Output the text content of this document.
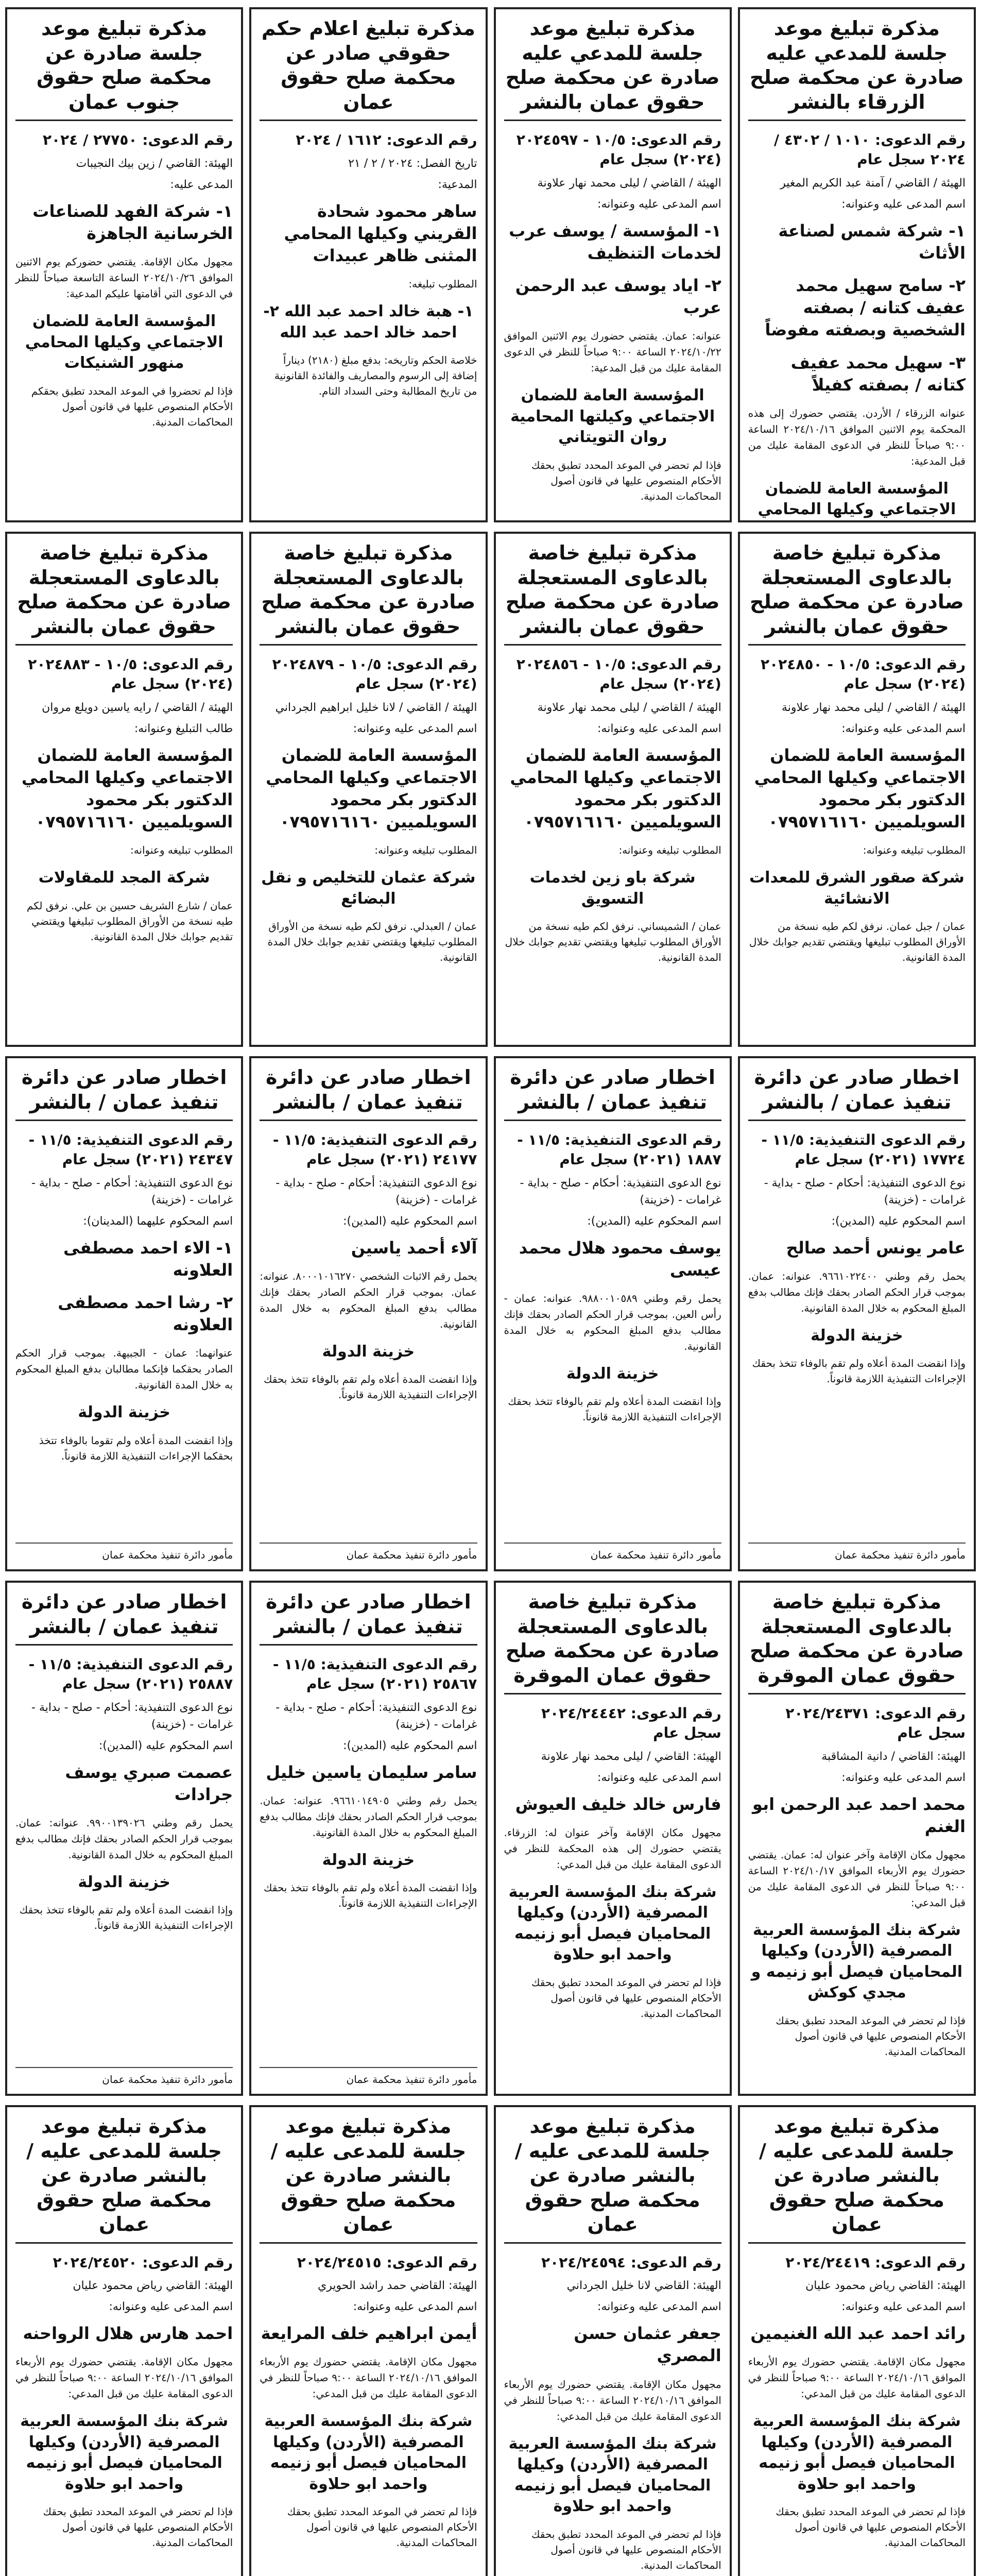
مذكرة تبليغ موعد جلسة للمدعي عليه صادرة عن محكمة صلح الزرقاء بالنشر
رقم الدعوى: ١٠١٠ / ٤٣٠٢ / ٢٠٢٤ سجل عام
الهيئة / القاضي / آمنة عبد الكريم المغير
اسم المدعى عليه وعنوانه:
١- شركة شمس لصناعة الأثاث
٢- سامح سهيل محمد عفيف كتانه / بصفته الشخصية وبصفته مفوضاً
٣- سهيل محمد عفيف كتانه / بصفته كفيلاً
عنوانه الزرقاء / الأردن. يقتضي حضورك إلى هذه المحكمة يوم الاثنين الموافق ٢٠٢٤/١٠/١٦ الساعة ٩:٠٠ صباحاً للنظر في الدعوى المقامة عليك من قبل المدعية:
المؤسسة العامة للضمان الاجتماعي وكيلها المحامي
مذكرة تبليغ موعد جلسة للمدعي عليه صادرة عن محكمة صلح حقوق عمان بالنشر
رقم الدعوى: ١٠/٥ - ٢٠٢٤٥٩٧ (٢٠٢٤) سجل عام
الهيئة / القاضي / ليلى محمد نهار علاونة
اسم المدعى عليه وعنوانه:
١- المؤسسة / يوسف عرب لخدمات التنظيف
٢- اياد يوسف عبد الرحمن عرب
عنوانه: عمان. يقتضي حضورك يوم الاثنين الموافق ٢٠٢٤/١٠/٢٢ الساعة ٩:٠٠ صباحاً للنظر في الدعوى المقامة عليك من قبل المدعية:
المؤسسة العامة للضمان الاجتماعي وكيلتها المحامية روان التويتاني
فإذا لم تحضر في الموعد المحدد تطبق بحقك الأحكام المنصوص عليها في قانون أصول المحاكمات المدنية.
مذكرة تبليغ اعلام حكم حقوقي صادر عن محكمة صلح حقوق عمان
رقم الدعوى: ١٦١٢ / ٢٠٢٤
تاريخ الفصل: ٢٠٢٤ / ٢ / ٢١
المدعية:
ساهر محمود شحادة القريني وكيلها المحامي المثنى ظاهر عبيدات
المطلوب تبليغه:
١- هبة خالد احمد عبد الله ٢- احمد خالد احمد عبد الله
خلاصة الحكم وتاريخه: بدفع مبلغ (٢١٨٠) ديناراً إضافة إلى الرسوم والمصاريف والفائدة القانونية من تاريخ المطالبة وحتى السداد التام.
مذكرة تبليغ موعد جلسة صادرة عن محكمة صلح حقوق جنوب عمان
رقم الدعوى: ٢٧٧٥٠ / ٢٠٢٤
الهيئة: القاضي / زين بيك النجيبات
المدعى عليه:
١- شركة الفهد للصناعات الخرسانية الجاهزة
مجهول مكان الإقامة. يقتضي حضوركم يوم الاثنين الموافق ٢٠٢٤/١٠/٢٦ الساعة التاسعة صباحاً للنظر في الدعوى التي أقامتها عليكم المدعية:
المؤسسة العامة للضمان الاجتماعي وكيلها المحامي منهور الشنيكات
فإذا لم تحضروا في الموعد المحدد تطبق بحقكم الأحكام المنصوص عليها في قانون أصول المحاكمات المدنية.
مذكرة تبليغ خاصة بالدعاوى المستعجلة صادرة عن محكمة صلح حقوق عمان بالنشر
رقم الدعوى: ١٠/٥ - ٢٠٢٤٨٥٠ (٢٠٢٤) سجل عام
الهيئة / القاضي / ليلى محمد نهار علاونة
اسم المدعى عليه وعنوانه:
المؤسسة العامة للضمان الاجتماعي وكيلها المحامي الدكتور بكر محمود السويلميين ٠٧٩٥٧١٦١٦٠
المطلوب تبليغه وعنوانه:
شركة صقور الشرق للمعدات الانشائية
عمان / جبل عمان. نرفق لكم طيه نسخة من الأوراق المطلوب تبليغها ويقتضي تقديم جوابك خلال المدة القانونية.
مذكرة تبليغ خاصة بالدعاوى المستعجلة صادرة عن محكمة صلح حقوق عمان بالنشر
رقم الدعوى: ١٠/٥ - ٢٠٢٤٨٥٦ (٢٠٢٤) سجل عام
الهيئة / القاضي / ليلى محمد نهار علاونة
اسم المدعى عليه وعنوانه:
المؤسسة العامة للضمان الاجتماعي وكيلها المحامي الدكتور بكر محمود السويلميين ٠٧٩٥٧١٦١٦٠
المطلوب تبليغه وعنوانه:
شركة باو زين لخدمات التسويق
عمان / الشميساني. نرفق لكم طيه نسخة من الأوراق المطلوب تبليغها ويقتضي تقديم جوابك خلال المدة القانونية.
مذكرة تبليغ خاصة بالدعاوى المستعجلة صادرة عن محكمة صلح حقوق عمان بالنشر
رقم الدعوى: ١٠/٥ - ٢٠٢٤٨٧٩ (٢٠٢٤) سجل عام
الهيئة / القاضي / لانا خليل ابراهيم الجرداني
اسم المدعى عليه وعنوانه:
المؤسسة العامة للضمان الاجتماعي وكيلها المحامي الدكتور بكر محمود السويلميين ٠٧٩٥٧١٦١٦٠
المطلوب تبليغه وعنوانه:
شركة عثمان للتخليص و نقل البضائع
عمان / العبدلي. نرفق لكم طيه نسخة من الأوراق المطلوب تبليغها ويقتضي تقديم جوابك خلال المدة القانونية.
مذكرة تبليغ خاصة بالدعاوى المستعجلة صادرة عن محكمة صلح حقوق عمان بالنشر
رقم الدعوى: ١٠/٥ - ٢٠٢٤٨٨٣ (٢٠٢٤) سجل عام
الهيئة / القاضي / رايه ياسين دويلع مروان
طالب التبليغ وعنوانه:
المؤسسة العامة للضمان الاجتماعي وكيلها المحامي الدكتور بكر محمود السويلميين ٠٧٩٥٧١٦١٦٠
المطلوب تبليغه وعنوانه:
شركة المجد للمقاولات
عمان / شارع الشريف حسين بن علي. نرفق لكم طيه نسخة من الأوراق المطلوب تبليغها ويقتضي تقديم جوابك خلال المدة القانونية.
اخطار صادر عن دائرة تنفيذ عمان / بالنشر
رقم الدعوى التنفيذية: ١١/٥ - ١٧٧٢٤ (٢٠٢١) سجل عام
نوع الدعوى التنفيذية: أحكام - صلح - بداية - غرامات - (خزينة)
اسم المحكوم عليه (المدين):
عامر يونس أحمد صالح
يحمل رقم وطني ٩٦٦١٠٢٢٤٠٠. عنوانه: عمان. بموجب قرار الحكم الصادر بحقك فإنك مطالب بدفع المبلغ المحكوم به خلال المدة القانونية.
خزينة الدولة
وإذا انقضت المدة أعلاه ولم تقم بالوفاء تتخذ بحقك الإجراءات التنفيذية اللازمة قانوناً.
مأمور دائرة تنفيذ محكمة عمان
اخطار صادر عن دائرة تنفيذ عمان / بالنشر
رقم الدعوى التنفيذية: ١١/٥ - ١٨٨٧ (٢٠٢١) سجل عام
نوع الدعوى التنفيذية: أحكام - صلح - بداية - غرامات - (خزينة)
اسم المحكوم عليه (المدين):
يوسف محمود هلال محمد عيسى
يحمل رقم وطني ٩٨٨٠٠١٠٥٨٩. عنوانه: عمان - رأس العين. بموجب قرار الحكم الصادر بحقك فإنك مطالب بدفع المبلغ المحكوم به خلال المدة القانونية.
خزينة الدولة
وإذا انقضت المدة أعلاه ولم تقم بالوفاء تتخذ بحقك الإجراءات التنفيذية اللازمة قانوناً.
مأمور دائرة تنفيذ محكمة عمان
اخطار صادر عن دائرة تنفيذ عمان / بالنشر
رقم الدعوى التنفيذية: ١١/٥ - ٢٤١٧٧ (٢٠٢١) سجل عام
نوع الدعوى التنفيذية: أحكام - صلح - بداية - غرامات - (خزينة)
اسم المحكوم عليه (المدين):
آلاء أحمد ياسين
يحمل رقم الاثبات الشخصي ٨٠٠٠١٠١٦٢٧٠. عنوانه: عمان. بموجب قرار الحكم الصادر بحقك فإنك مطالب بدفع المبلغ المحكوم به خلال المدة القانونية.
خزينة الدولة
وإذا انقضت المدة أعلاه ولم تقم بالوفاء تتخذ بحقك الإجراءات التنفيذية اللازمة قانوناً.
مأمور دائرة تنفيذ محكمة عمان
اخطار صادر عن دائرة تنفيذ عمان / بالنشر
رقم الدعوى التنفيذية: ١١/٥ - ٢٤٣٤٧ (٢٠٢١) سجل عام
نوع الدعوى التنفيذية: أحكام - صلح - بداية - غرامات - (خزينة)
اسم المحكوم عليهما (المدينان):
١- الاء احمد مصطفى العلاونه
٢- رشا احمد مصطفى العلاونه
عنوانهما: عمان - الجبيهة. بموجب قرار الحكم الصادر بحقكما فإنكما مطالبان بدفع المبلغ المحكوم به خلال المدة القانونية.
خزينة الدولة
وإذا انقضت المدة أعلاه ولم تقوما بالوفاء تتخذ بحقكما الإجراءات التنفيذية اللازمة قانوناً.
مأمور دائرة تنفيذ محكمة عمان
مذكرة تبليغ خاصة بالدعاوى المستعجلة صادرة عن محكمة صلح حقوق عمان الموقرة
رقم الدعوى: ٢٠٢٤/٢٤٣٧١ سجل عام
الهيئة: القاضي / دانية المشاقبة
اسم المدعى عليه وعنوانه:
محمد احمد عبد الرحمن ابو الغنم
مجهول مكان الإقامة وآخر عنوان له: عمان. يقتضي حضورك يوم الأربعاء الموافق ٢٠٢٤/١٠/١٧ الساعة ٩:٠٠ صباحاً للنظر في الدعوى المقامة عليك من قبل المدعي:
شركة بنك المؤسسة العربية المصرفية (الأردن) وكيلها المحاميان فيصل أبو زنيمه و مجدي كوكش
فإذا لم تحضر في الموعد المحدد تطبق بحقك الأحكام المنصوص عليها في قانون أصول المحاكمات المدنية.
مذكرة تبليغ خاصة بالدعاوى المستعجلة صادرة عن محكمة صلح حقوق عمان الموقرة
رقم الدعوى: ٢٠٢٤/٢٤٤٤٢ سجل عام
الهيئة: القاضي / ليلى محمد نهار علاونة
اسم المدعى عليه وعنوانه:
فارس خالد خليف العيوش
مجهول مكان الإقامة وآخر عنوان له: الزرقاء. يقتضي حضورك إلى هذه المحكمة للنظر في الدعوى المقامة عليك من قبل المدعي:
شركة بنك المؤسسة العربية المصرفية (الأردن) وكيلها المحاميان فيصل أبو زنيمه واحمد ابو حلاوة
فإذا لم تحضر في الموعد المحدد تطبق بحقك الأحكام المنصوص عليها في قانون أصول المحاكمات المدنية.
اخطار صادر عن دائرة تنفيذ عمان / بالنشر
رقم الدعوى التنفيذية: ١١/٥ - ٢٥٨٦٧ (٢٠٢١) سجل عام
نوع الدعوى التنفيذية: أحكام - صلح - بداية - غرامات - (خزينة)
اسم المحكوم عليه (المدين):
سامر سليمان ياسين خليل
يحمل رقم وطني ٩٦٦١٠١٤٩٠٥. عنوانه: عمان. بموجب قرار الحكم الصادر بحقك فإنك مطالب بدفع المبلغ المحكوم به خلال المدة القانونية.
خزينة الدولة
وإذا انقضت المدة أعلاه ولم تقم بالوفاء تتخذ بحقك الإجراءات التنفيذية اللازمة قانوناً.
مأمور دائرة تنفيذ محكمة عمان
اخطار صادر عن دائرة تنفيذ عمان / بالنشر
رقم الدعوى التنفيذية: ١١/٥ - ٢٥٨٨٧ (٢٠٢١) سجل عام
نوع الدعوى التنفيذية: أحكام - صلح - بداية - غرامات - (خزينة)
اسم المحكوم عليه (المدين):
عصمت صبري يوسف جرادات
يحمل رقم وطني ٩٩٠٠١٣٩٠٢٦. عنوانه: عمان. بموجب قرار الحكم الصادر بحقك فإنك مطالب بدفع المبلغ المحكوم به خلال المدة القانونية.
خزينة الدولة
وإذا انقضت المدة أعلاه ولم تقم بالوفاء تتخذ بحقك الإجراءات التنفيذية اللازمة قانوناً.
مأمور دائرة تنفيذ محكمة عمان
مذكرة تبليغ موعد جلسة للمدعى عليه / بالنشر صادرة عن محكمة صلح حقوق عمان
رقم الدعوى: ٢٠٢٤/٢٤٤١٩
الهيئة: القاضي رياض محمود عليان
اسم المدعى عليه وعنوانه:
رائد احمد عبد الله الغنيمين
مجهول مكان الإقامة. يقتضي حضورك يوم الأربعاء الموافق ٢٠٢٤/١٠/١٦ الساعة ٩:٠٠ صباحاً للنظر في الدعوى المقامة عليك من قبل المدعي:
شركة بنك المؤسسة العربية المصرفية (الأردن) وكيلها المحاميان فيصل أبو زنيمه واحمد ابو حلاوة
فإذا لم تحضر في الموعد المحدد تطبق بحقك الأحكام المنصوص عليها في قانون أصول المحاكمات المدنية.
مذكرة تبليغ موعد جلسة للمدعى عليه / بالنشر صادرة عن محكمة صلح حقوق عمان
رقم الدعوى: ٢٠٢٤/٢٤٥٩٤
الهيئة: القاضي لانا خليل الجرداني
اسم المدعى عليه وعنوانه:
جعفر عثمان حسن المصري
مجهول مكان الإقامة. يقتضي حضورك يوم الأربعاء الموافق ٢٠٢٤/١٠/١٦ الساعة ٩:٠٠ صباحاً للنظر في الدعوى المقامة عليك من قبل المدعي:
شركة بنك المؤسسة العربية المصرفية (الأردن) وكيلها المحاميان فيصل أبو زنيمه واحمد ابو حلاوة
فإذا لم تحضر في الموعد المحدد تطبق بحقك الأحكام المنصوص عليها في قانون أصول المحاكمات المدنية.
مذكرة تبليغ موعد جلسة للمدعى عليه / بالنشر صادرة عن محكمة صلح حقوق عمان
رقم الدعوى: ٢٠٢٤/٢٤٥١٥
الهيئة: القاضي حمد راشد الحويري
اسم المدعى عليه وعنوانه:
أيمن ابراهيم خلف المرايعة
مجهول مكان الإقامة. يقتضي حضورك يوم الأربعاء الموافق ٢٠٢٤/١٠/١٦ الساعة ٩:٠٠ صباحاً للنظر في الدعوى المقامة عليك من قبل المدعي:
شركة بنك المؤسسة العربية المصرفية (الأردن) وكيلها المحاميان فيصل أبو زنيمه واحمد ابو حلاوة
فإذا لم تحضر في الموعد المحدد تطبق بحقك الأحكام المنصوص عليها في قانون أصول المحاكمات المدنية.
مذكرة تبليغ موعد جلسة للمدعى عليه / بالنشر صادرة عن محكمة صلح حقوق عمان
رقم الدعوى: ٢٠٢٤/٢٤٥٢٠
الهيئة: القاضي رياض محمود عليان
اسم المدعى عليه وعنوانه:
احمد هارس هلال الرواحنه
مجهول مكان الإقامة. يقتضي حضورك يوم الأربعاء الموافق ٢٠٢٤/١٠/١٦ الساعة ٩:٠٠ صباحاً للنظر في الدعوى المقامة عليك من قبل المدعي:
شركة بنك المؤسسة العربية المصرفية (الأردن) وكيلها المحاميان فيصل أبو زنيمه واحمد ابو حلاوة
فإذا لم تحضر في الموعد المحدد تطبق بحقك الأحكام المنصوص عليها في قانون أصول المحاكمات المدنية.
